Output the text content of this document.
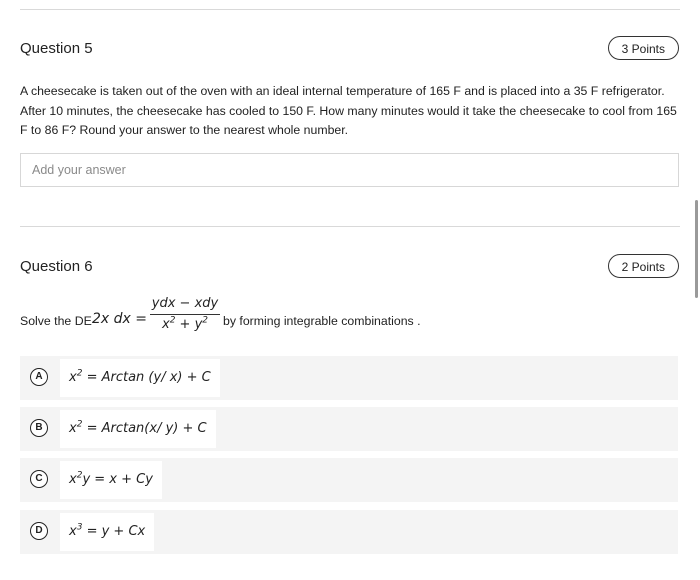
Question 5	3 Points
A cheesecake is taken out of the oven with an ideal internal temperature of 165 F and is placed into a 35 F refrigerator. After 10 minutes, the cheesecake has cooled to 150 F. How many minutes would it take the cheesecake to cool from 165 F to 86 F? Round your answer to the nearest whole number.
Add your answer
Question 6	2 Points
Solve the DE 2x dx =
ydx − xdy
$x^2 + y^2$	by forming integrable combinations .
A	$x^2 = Arctan$ (y/ x) + C
B	$x^2 = Arctan(x/$ y) + C
C	$x^2y = x + Cy$
D	$x^3 = y + Cx$
